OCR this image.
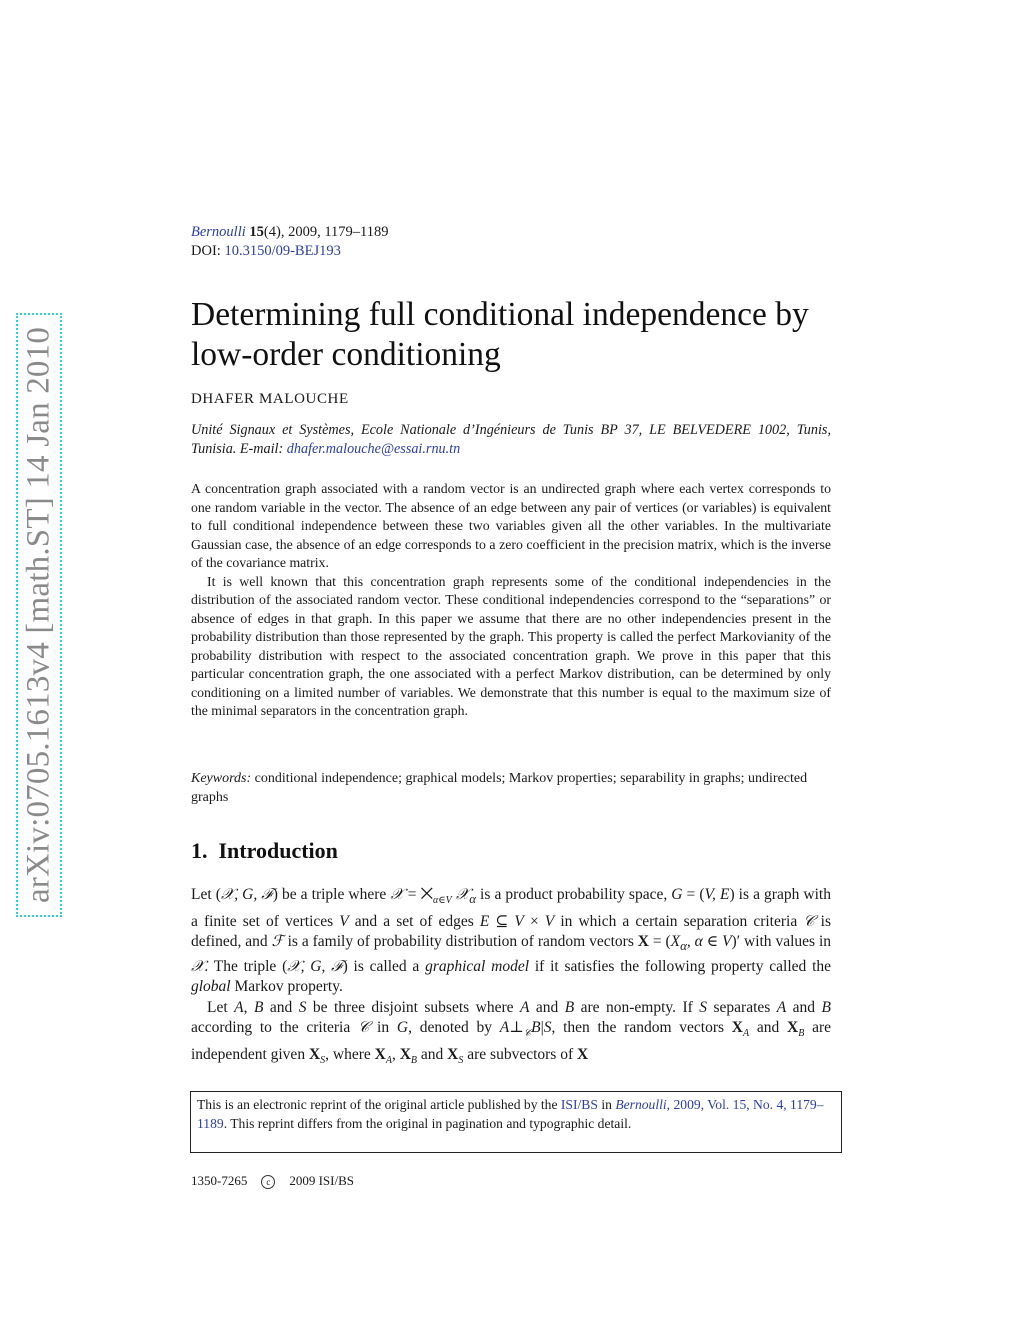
arXiv:0705.1613v4 [math.ST] 14 Jan 2010
Bernoulli 15(4), 2009, 1179–1189
DOI: 10.3150/09-BEJ193
Determining full conditional independence by low-order conditioning
DHAFER MALOUCHE
Unité Signaux et Systèmes, Ecole Nationale d’Ingénieurs de Tunis BP 37, LE BELVEDERE 1002, Tunis, Tunisia. E-mail: dhafer.malouche@essai.rnu.tn

A concentration graph associated with a random vector is an undirected graph where each vertex corresponds to one random variable in the vector. The absence of an edge between any pair of vertices (or variables) is equivalent to full conditional independence between these two variables given all the other variables. In the multivariate Gaussian case, the absence of an edge corresponds to a zero coefficient in the precision matrix, which is the inverse of the covariance matrix.

It is well known that this concentration graph represents some of the conditional independencies in the distribution of the associated random vector. These conditional independencies correspond to the “separations” or absence of edges in that graph. In this paper we assume that there are no other independencies present in the probability distribution than those represented by the graph. This property is called the perfect Markovianity of the probability distribution with respect to the associated concentration graph. We prove in this paper that this particular concentration graph, the one associated with a perfect Markov distribution, can be determined by only conditioning on a limited number of variables. We demonstrate that this number is equal to the maximum size of the minimal separators in the concentration graph.

Keywords: conditional independence; graphical models; Markov properties; separability in graphs; undirected graphs
1. Introduction

Let (𝒳, G, ℱ) be a triple where 𝒳 = $⨉_{\alpha\in V}$ 𝒳$_\alpha$ is a product probability space, G = (V, E) is a graph with a finite set of vertices V and a set of edges E ⊆ V × V in which a certain separation criteria 𝒞 is defined, and ℱ is a family of probability distribution of random vectors $X = (X_\alpha$, α ∈ V)′ with values in 𝒳. The triple (𝒳, G, ℱ) is called a graphical model if it satisfies the following property called the global Markov property.

Let A, B and S be three disjoint subsets where A and B are non-empty. If S separates A and B according to the criteria 𝒞 in G, denoted by $A\perp_𝒞B|S$, then the random vectors $X_A$ and $X_B$ are independent given $X_S$, where $X_A$, $X_B$ and $X_S$ are subvectors of X

This is an electronic reprint of the original article published by the ISI/BS in Bernoulli, 2009, Vol. 15, No. 4, 1179–1189. This reprint differs from the original in pagination and typographic detail.
1350-7265 c 2009 ISI/BS
